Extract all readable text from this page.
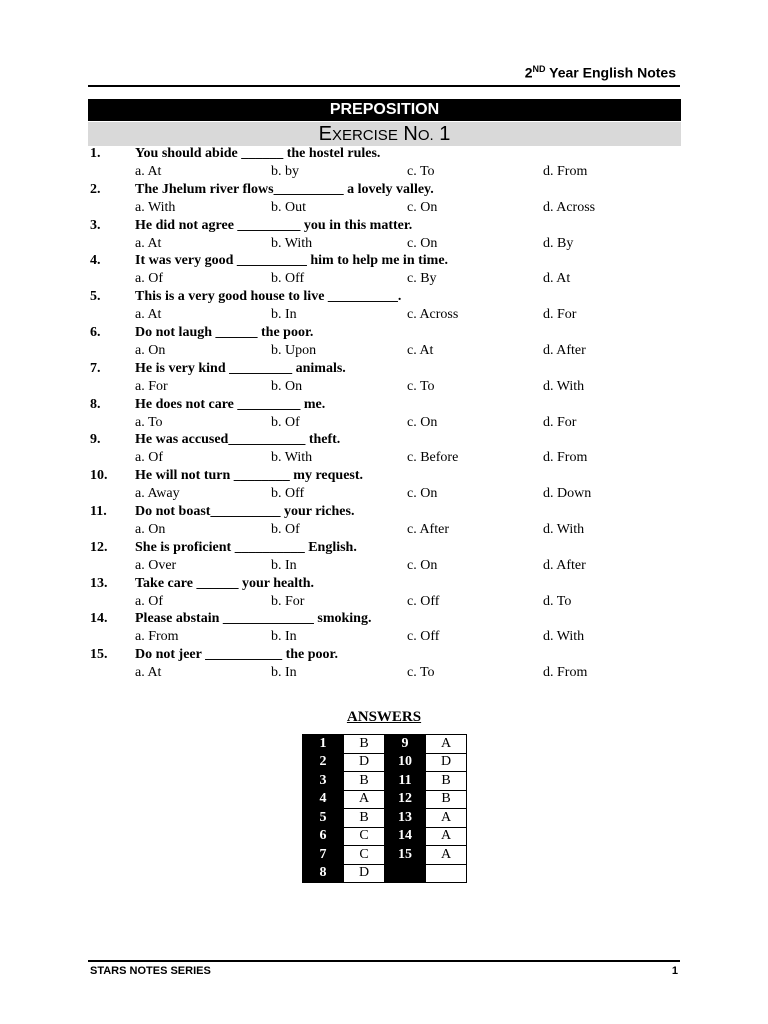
2ND Year English Notes
PREPOSITION
EXERCISE NO. 1
1. You should abide ______ the hostel rules.
a. At	b. by	c. To	d. From
2. The Jhelum river flows__________ a lovely valley.
a. With	b. Out	c. On	d. Across
3. He did not agree _________ you in this matter.
a. At	b. With	c. On	d. By
4. It was very good __________ him to help me in time.
a. Of	b. Off	c. By	d. At
5. This is a very good house to live __________.
a. At	b. In	c. Across	d. For
6. Do not laugh ______ the poor.
a. On	b. Upon	c. At	d. After
7. He is very kind _________ animals.
a. For	b. On	c. To	d. With
8. He does not care _________ me.
a. To	b. Of	c. On	d. For
9. He was accused___________ theft.
a. Of	b. With	c. Before	d. From
10. He will not turn ________ my request.
a. Away	b. Off	c. On	d. Down
11. Do not boast__________ your riches.
a. On	b. Of	c. After	d. With
12. She is proficient __________ English.
a. Over	b. In	c. On	d. After
13. Take care ______ your health.
a. Of	b. For	c. Off	d. To
14. Please abstain _____________ smoking.
a. From	b. In	c. Off	d. With
15. Do not jeer ___________ the poor.
a. At	b. In	c. To	d. From
ANSWERS
1	B	9	A
2	D	10	D
3	B	11	B
4	A	12	B
5	B	13	A
6	C	14	A
7	C	15	A
8	D		
STARS NOTES SERIES	1
